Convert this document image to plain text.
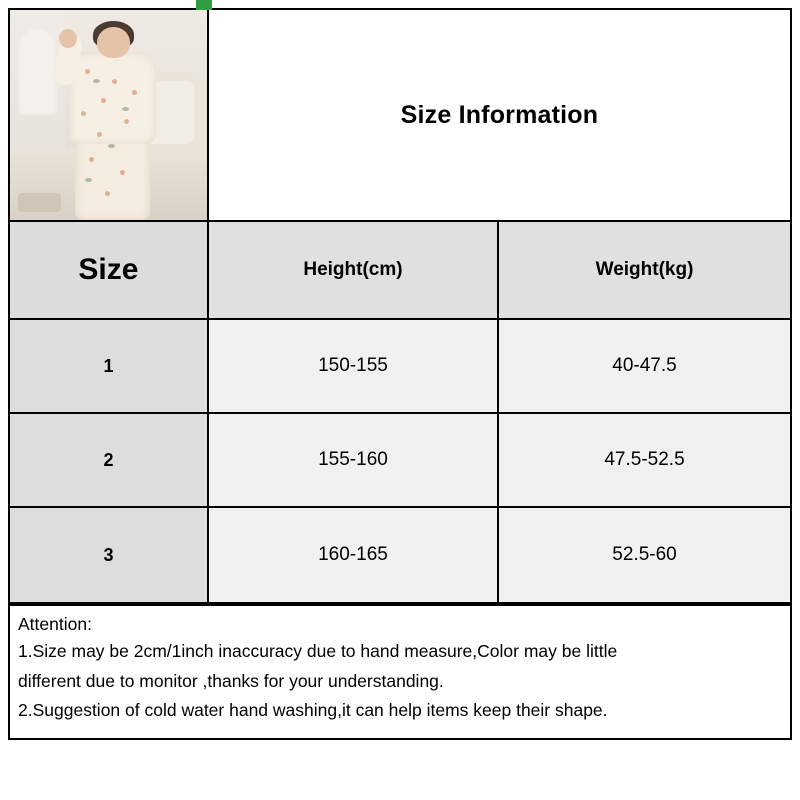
Size Information
Size	Height(cm)	Weight(kg)
1	150-155	40-47.5
2	155-160	47.5-52.5
3	160-165	52.5-60

Attention:

1.Size may be 2cm/1inch inaccuracy due to hand measure,Color may be little

different due to monitor ,thanks for your understanding.

2.Suggestion of cold water hand washing,it can help items keep their shape.
